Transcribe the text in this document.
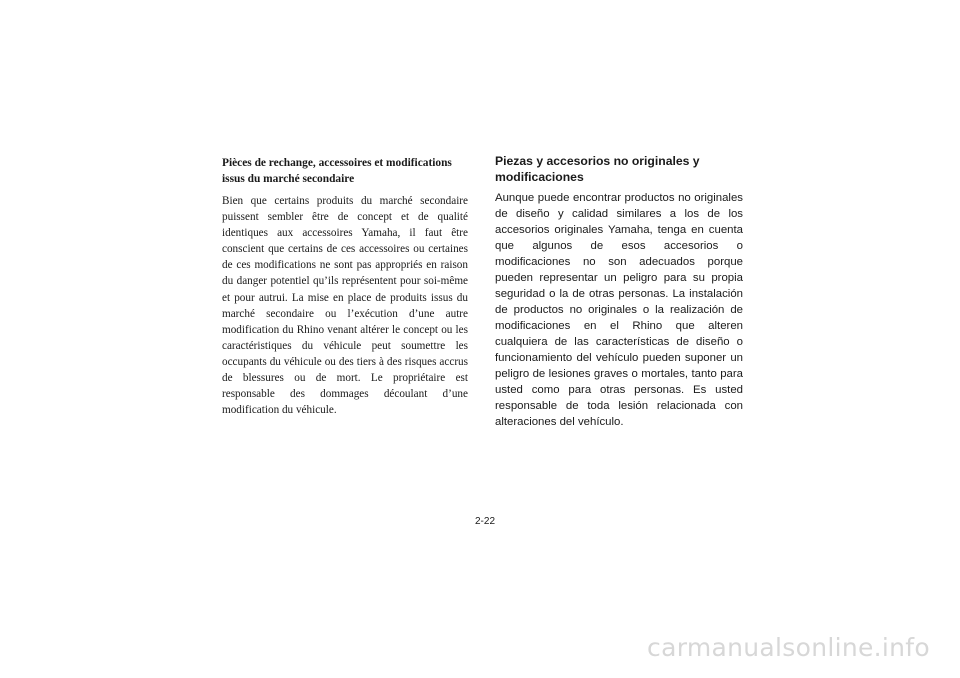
Pièces de rechange, accessoires et modifications issus du marché secondaire

Bien que certains produits du marché secondaire puissent sembler être de concept et de qualité identiques aux accessoires Yamaha, il faut être conscient que certains de ces accessoires ou certaines de ces modifications ne sont pas appropriés en raison du danger potentiel qu’ils représentent pour soi-même et pour autrui. La mise en place de produits issus du marché secondaire ou l’exécution d’une autre modification du Rhino venant altérer le concept ou les caractéristiques du véhicule peut soumettre les occupants du véhicule ou des tiers à des risques accrus de blessures ou de mort. Le propriétaire est responsable des dommages découlant d’une modification du véhicule.

Piezas y accesorios no originales y modificaciones

Aunque puede encontrar productos no originales de diseño y calidad similares a los de los accesorios originales Yamaha, tenga en cuenta que algunos de esos accesorios o modificaciones no son adecuados porque pueden representar un peligro para su propia seguridad o la de otras personas. La instalación de productos no originales o la realización de modificaciones en el Rhino que alteren cualquiera de las características de diseño o funcionamiento del vehículo pueden suponer un peligro de lesiones graves o mortales, tanto para usted como para otras personas. Es usted responsable de toda lesión relacionada con alteraciones del vehículo.

2-22
carmanualsonline.info
